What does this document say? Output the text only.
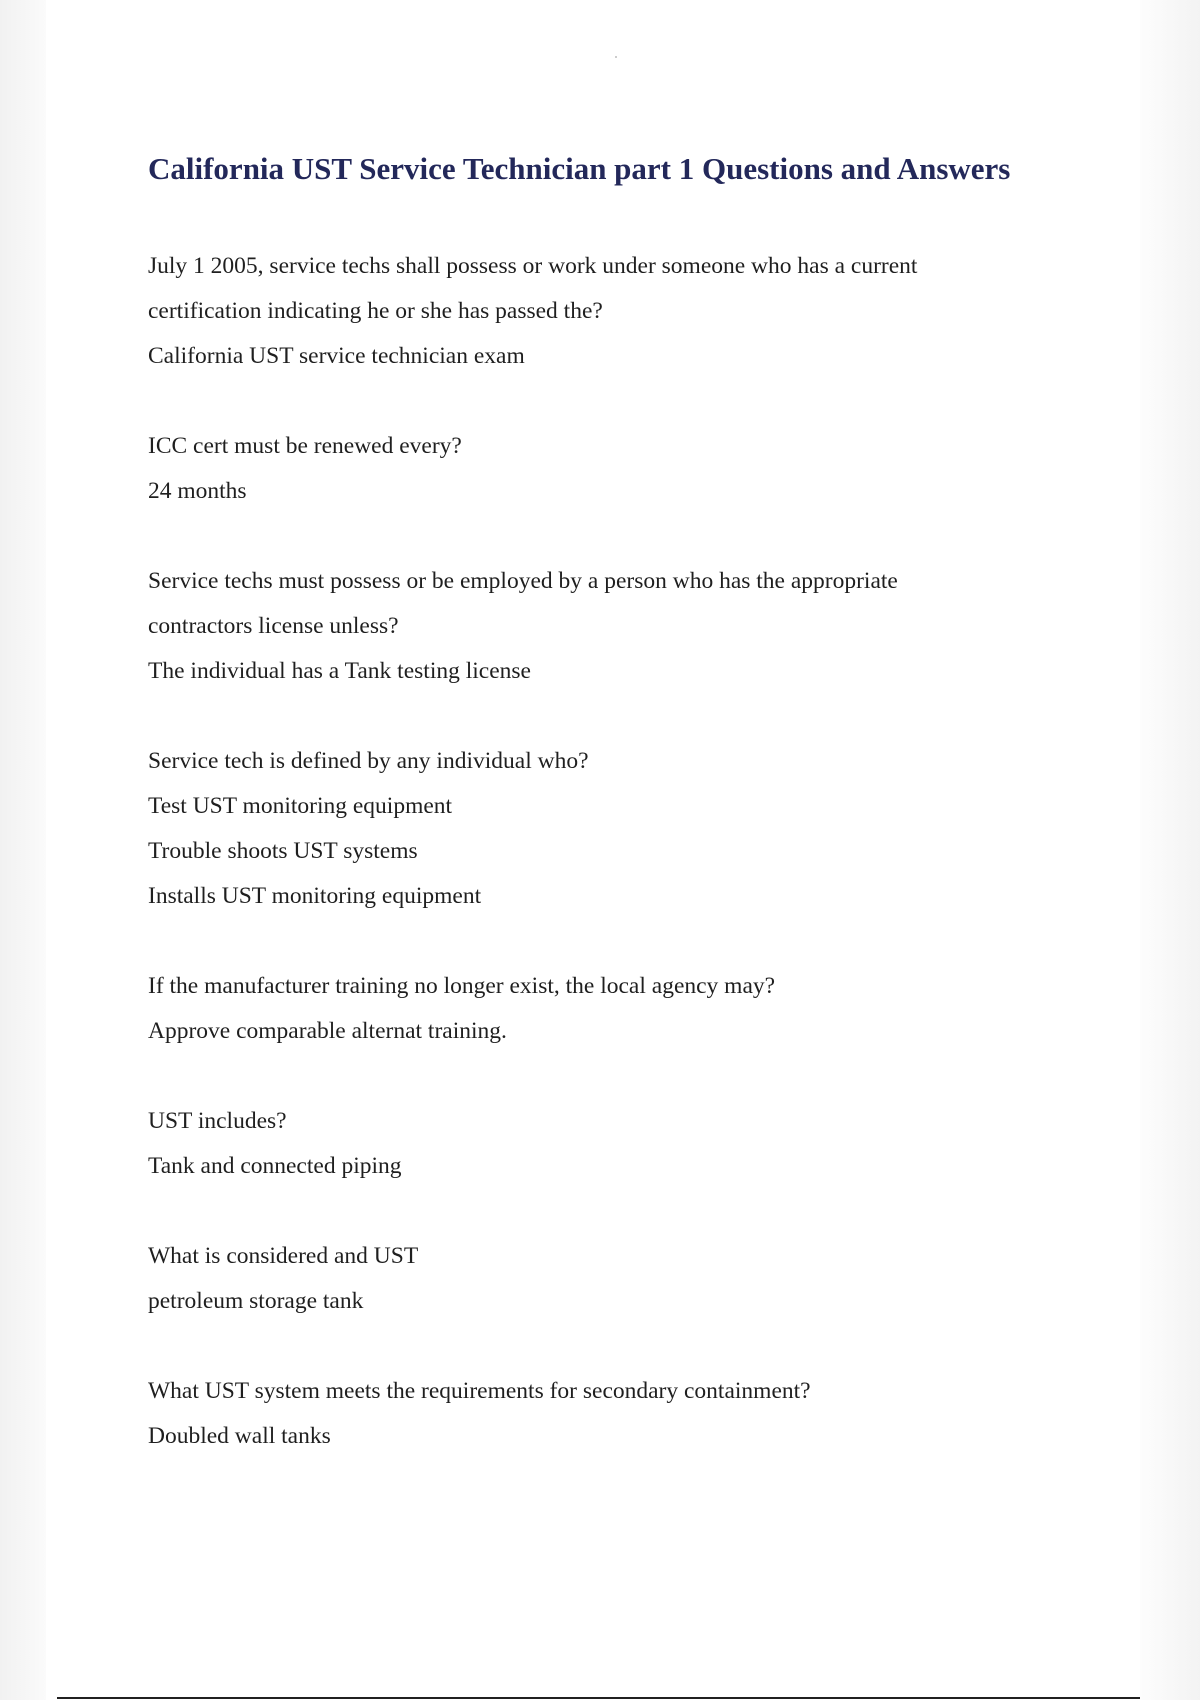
California UST Service Technician part 1 Questions and Answers

July 1 2005, service techs shall possess or work under someone who has a current

certification indicating he or she has passed the?

California UST service technician exam

ICC cert must be renewed every?

24 months

Service techs must possess or be employed by a person who has the appropriate

contractors license unless?

The individual has a Tank testing license

Service tech is defined by any individual who?

Test UST monitoring equipment

Trouble shoots UST systems

Installs UST monitoring equipment

If the manufacturer training no longer exist, the local agency may?

Approve comparable alternat training.

UST includes?

Tank and connected piping

What is considered and UST

petroleum storage tank

What UST system meets the requirements for secondary containment?

Doubled wall tanks
